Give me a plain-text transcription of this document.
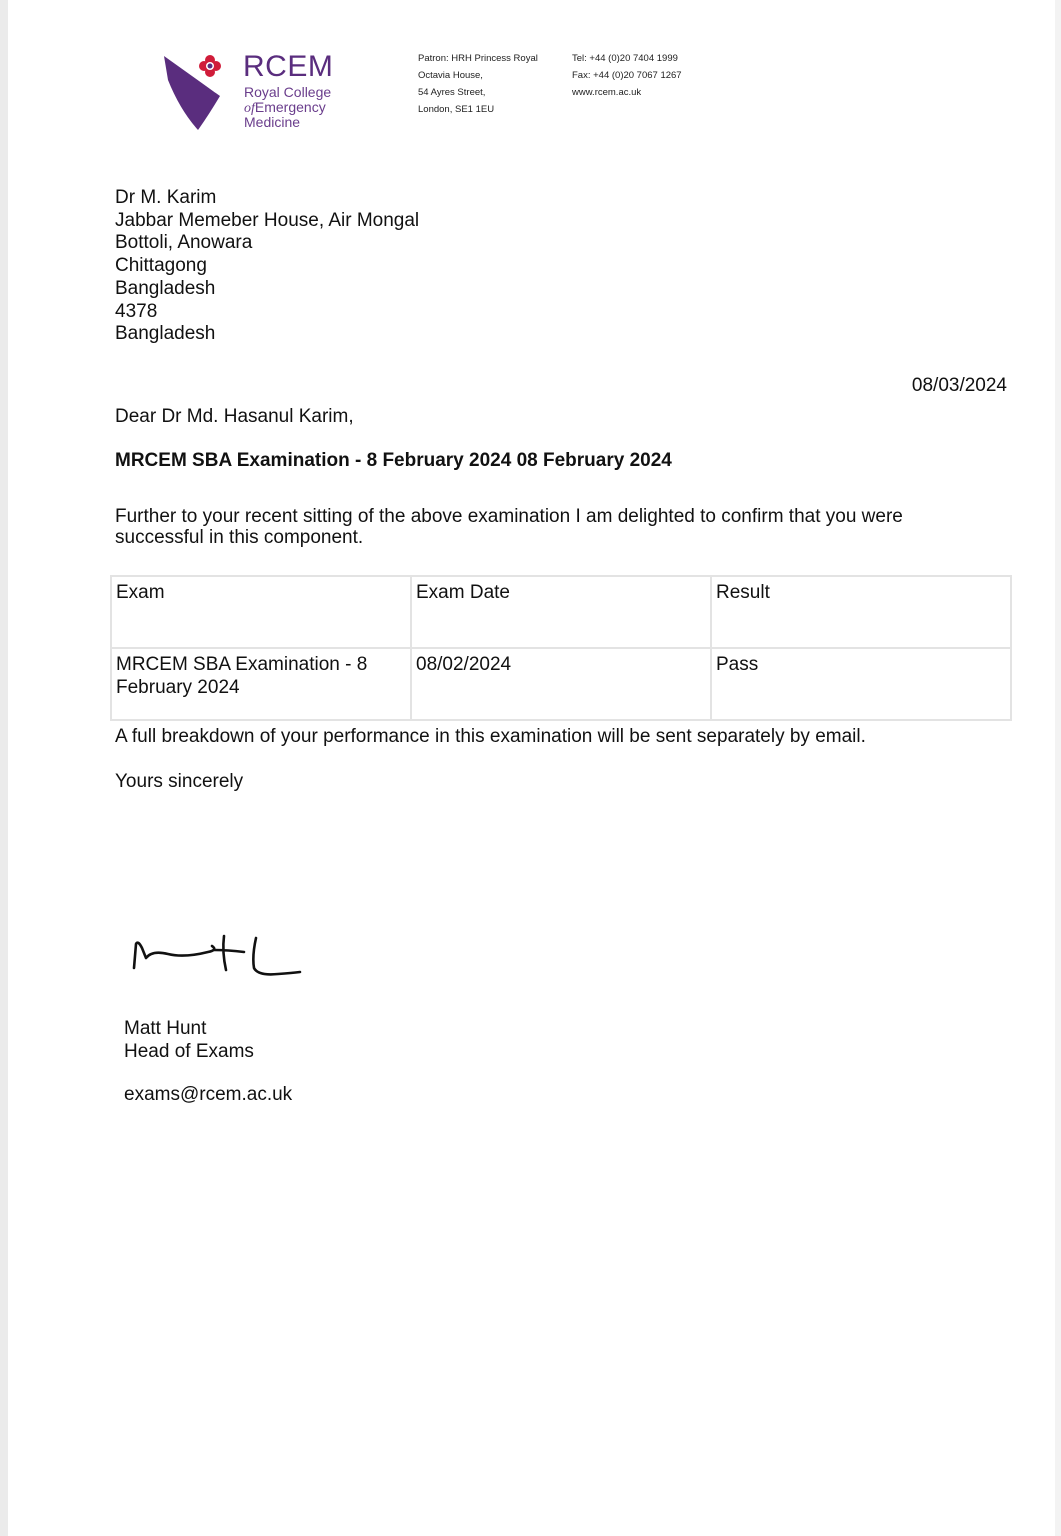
RCEM
Royal College
ofEmergency
Medicine
Patron: HRH Princess Royal
Octavia House,
54 Ayres Street,
London, SE1 1EU
Tel: +44 (0)20 7404 1999
Fax: +44 (0)20 7067 1267
www.rcem.ac.uk
Dr M. Karim
Jabbar Memeber House, Air Mongal
Bottoli, Anowara
Chittagong
Bangladesh
4378
Bangladesh
08/03/2024
Dear Dr Md. Hasanul Karim,
MRCEM SBA Examination - 8 February 2024 08 February 2024
Further to your recent sitting of the above examination I am delighted to confirm that you were successful in this component.
Exam	Exam Date	Result
MRCEM SBA Examination - 8 February 2024	08/02/2024	Pass
A full breakdown of your performance in this examination will be sent separately by email.
Yours sincerely
Matt Hunt
Head of Exams
exams@rcem.ac.uk
